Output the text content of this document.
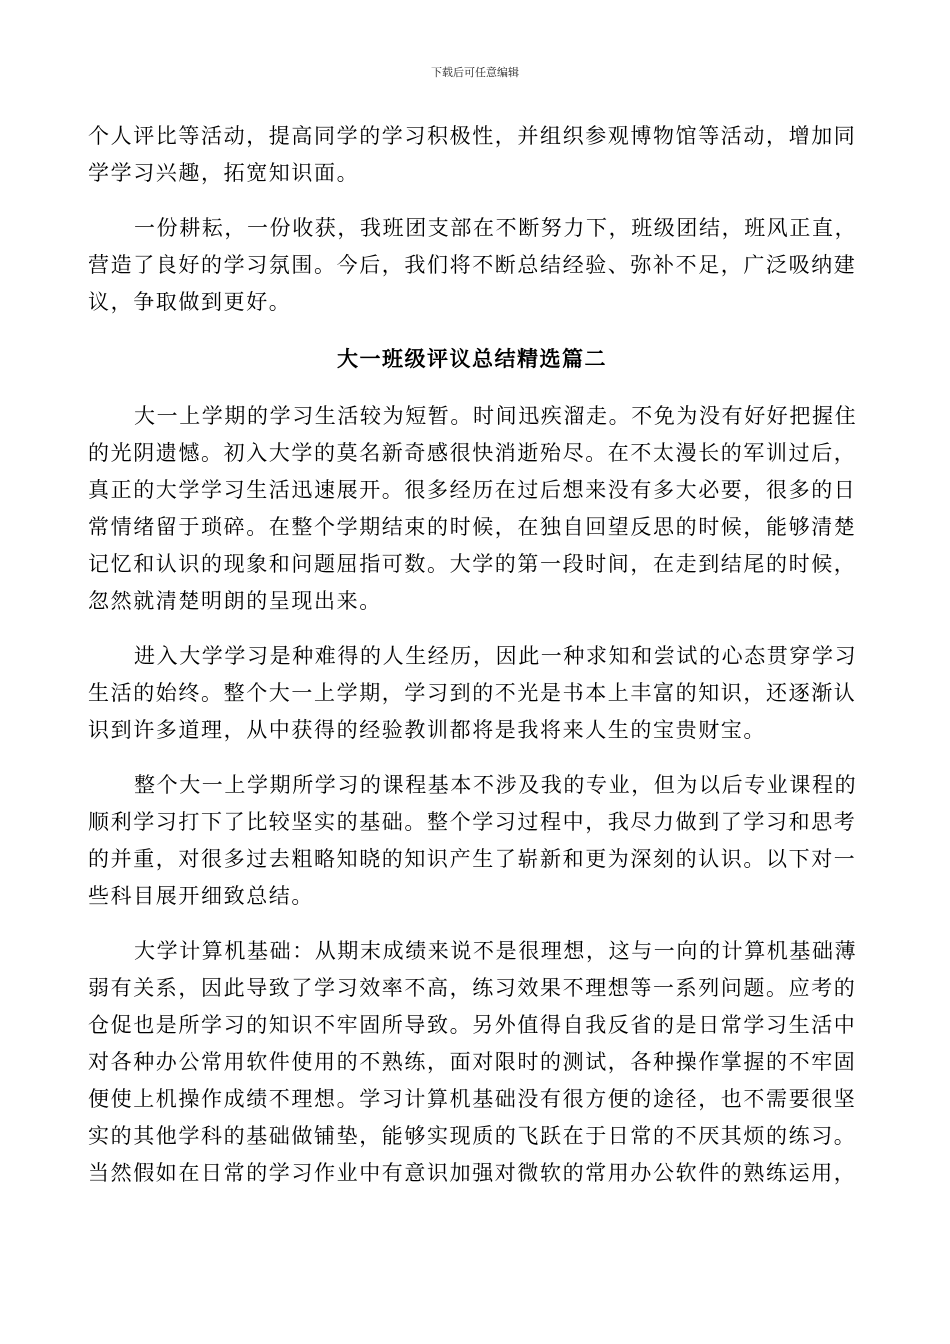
下载后可任意编辑
个人评比等活动，提高同学的学习积极性，并组织参观博物馆等活动，增加同
学学习兴趣，拓宽知识面。
一份耕耘，一份收获，我班团支部在不断努力下，班级团结，班风正直，
营造了良好的学习氛围。今后，我们将不断总结经验、弥补不足，广泛吸纳建
议，争取做到更好。
大一班级评议总结精选篇二
大一上学期的学习生活较为短暂。时间迅疾溜走。不免为没有好好把握住
的光阴遗憾。初入大学的莫名新奇感很快消逝殆尽。在不太漫长的军训过后，
真正的大学学习生活迅速展开。很多经历在过后想来没有多大必要，很多的日
常情绪留于琐碎。在整个学期结束的时候，在独自回望反思的时候，能够清楚
记忆和认识的现象和问题屈指可数。大学的第一段时间，在走到结尾的时候，
忽然就清楚明朗的呈现出来。
进入大学学习是种难得的人生经历，因此一种求知和尝试的心态贯穿学习
生活的始终。整个大一上学期，学习到的不光是书本上丰富的知识，还逐渐认
识到许多道理，从中获得的经验教训都将是我将来人生的宝贵财宝。
整个大一上学期所学习的课程基本不涉及我的专业，但为以后专业课程的
顺利学习打下了比较坚实的基础。整个学习过程中，我尽力做到了学习和思考
的并重，对很多过去粗略知晓的知识产生了崭新和更为深刻的认识。以下对一
些科目展开细致总结。
大学计算机基础：从期末成绩来说不是很理想，这与一向的计算机基础薄
弱有关系，因此导致了学习效率不高，练习效果不理想等一系列问题。应考的
仓促也是所学习的知识不牢固所导致。另外值得自我反省的是日常学习生活中
对各种办公常用软件使用的不熟练，面对限时的测试，各种操作掌握的不牢固
便使上机操作成绩不理想。学习计算机基础没有很方便的途径，也不需要很坚
实的其他学科的基础做铺垫，能够实现质的飞跃在于日常的不厌其烦的练习。
当然假如在日常的学习作业中有意识加强对微软的常用办公软件的熟练运用，
